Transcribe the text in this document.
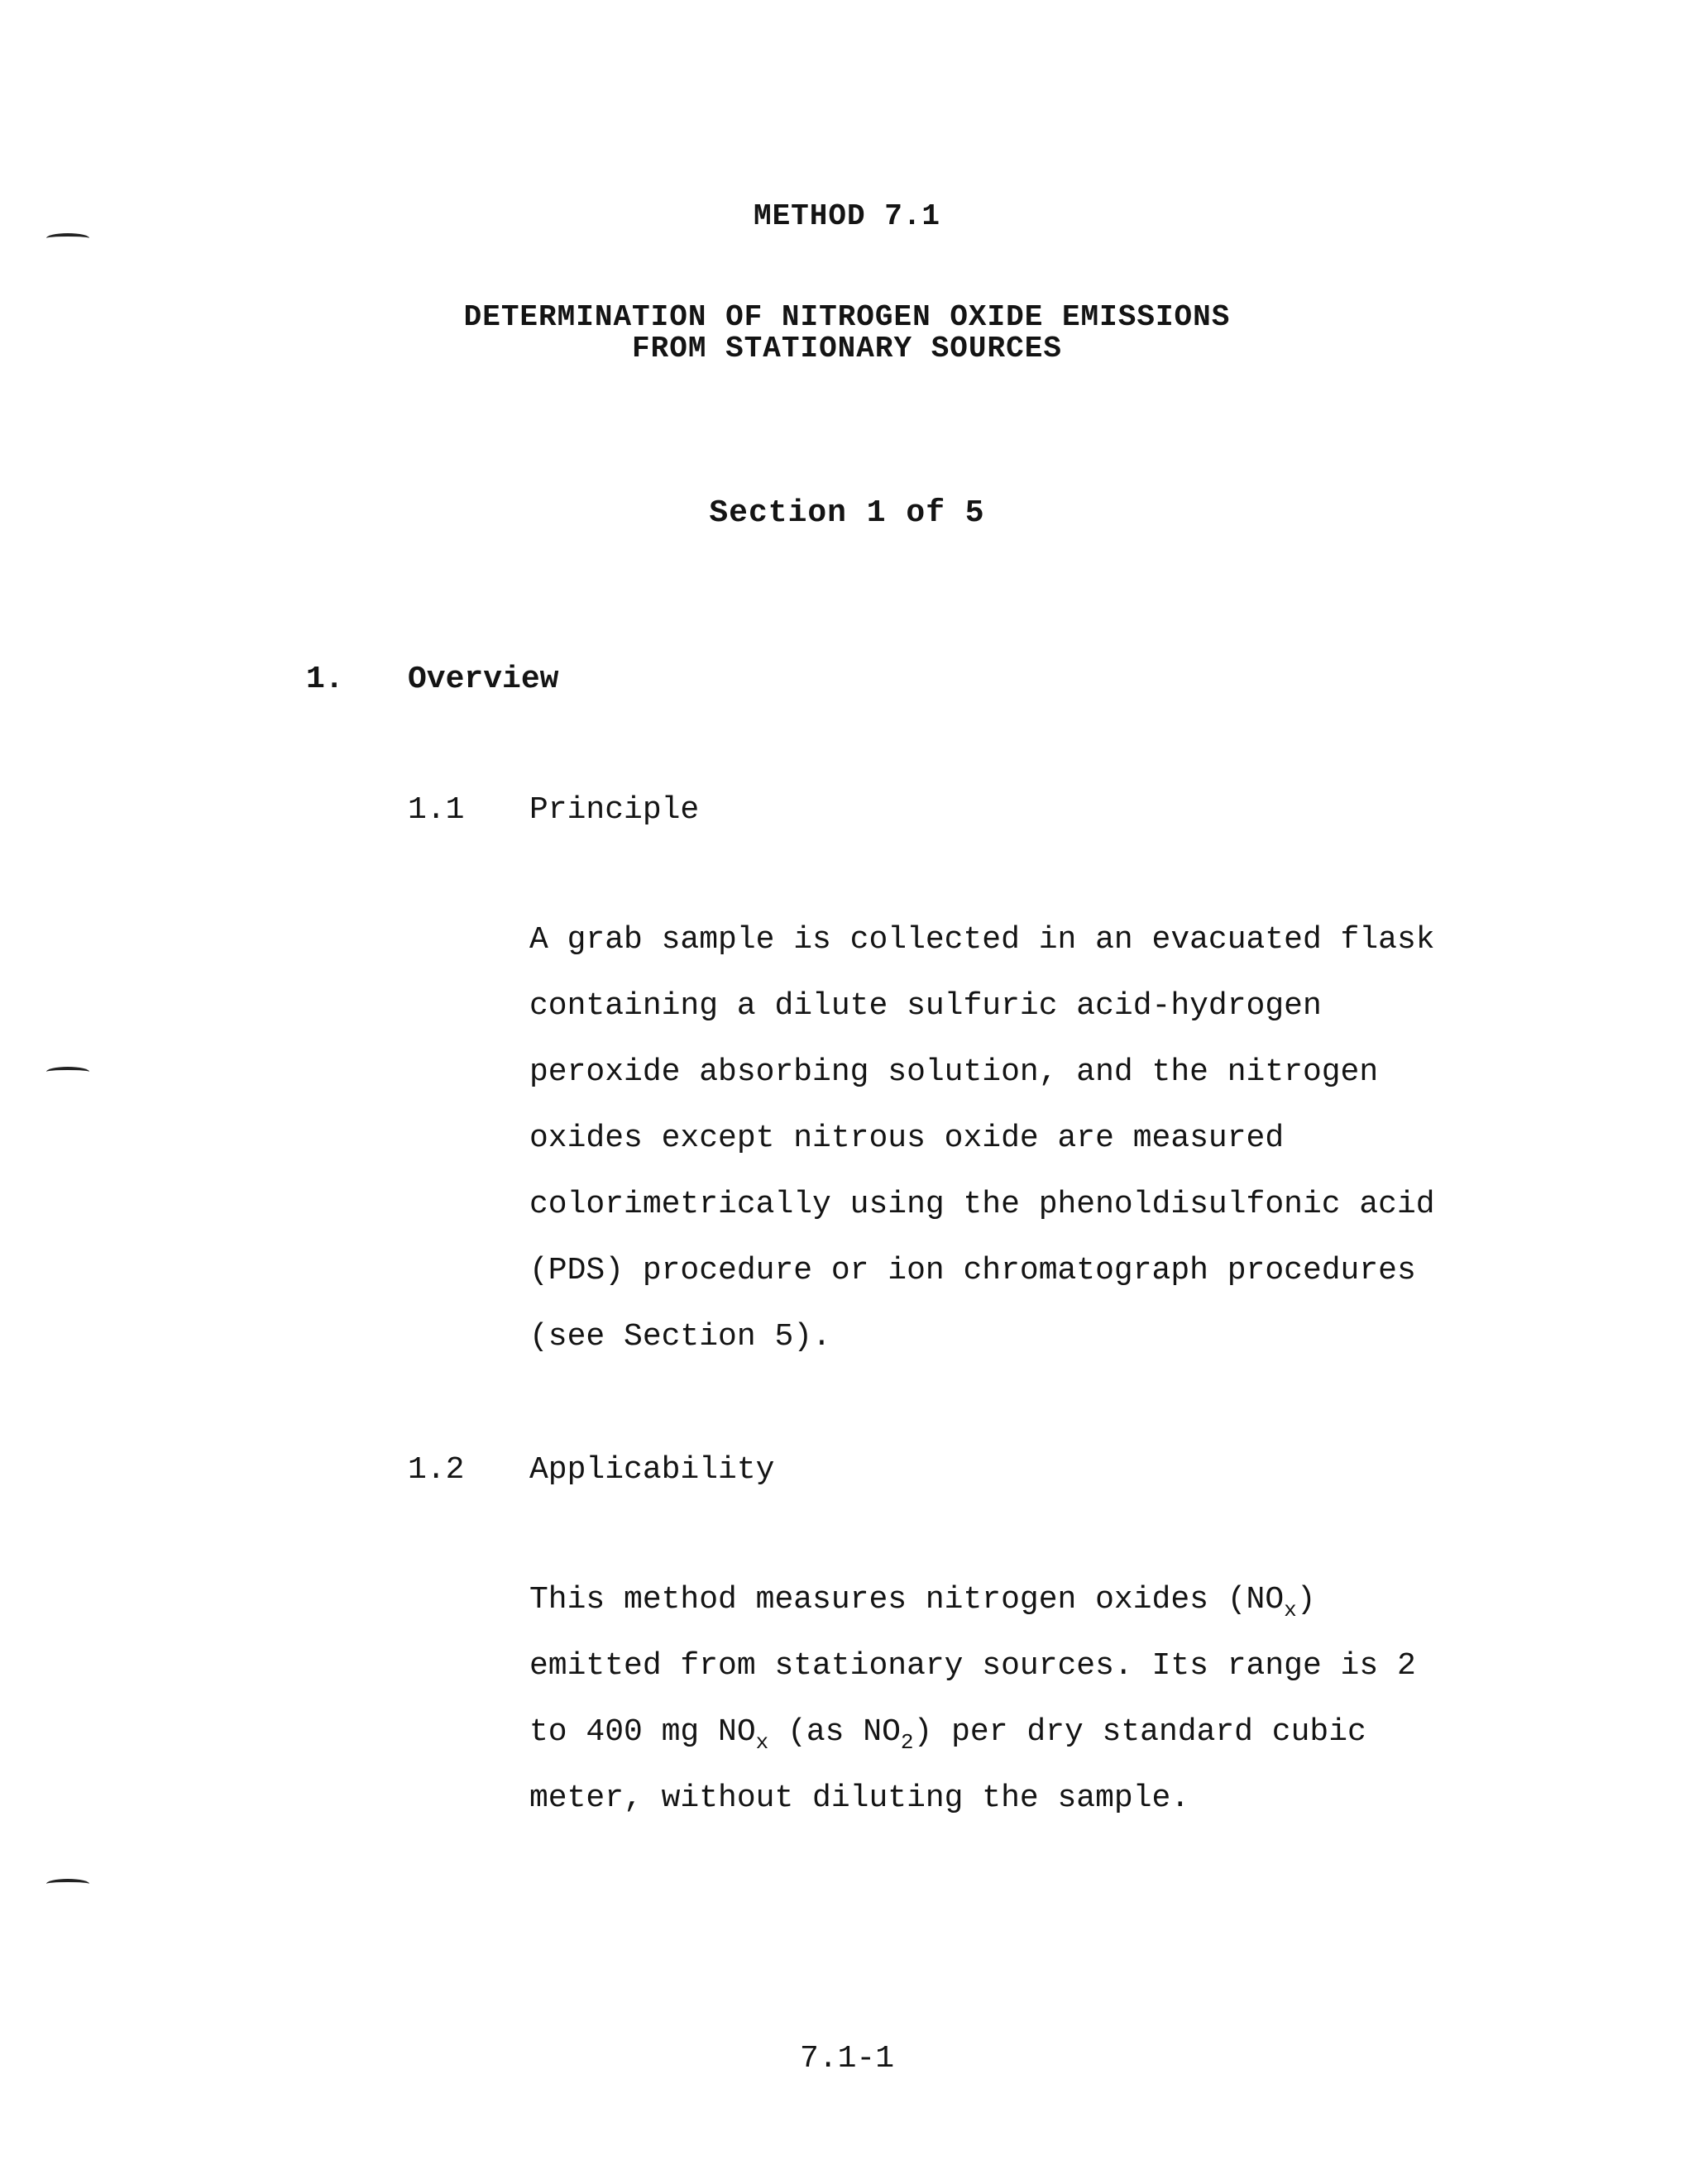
METHOD 7.1
DETERMINATION OF NITROGEN OXIDE EMISSIONS
FROM STATIONARY SOURCES
Section 1 of 5
1. Overview
1.1 Principle

A grab sample is collected in an evacuated flask

containing a dilute sulfuric acid-hydrogen

peroxide absorbing solution, and the nitrogen

oxides except nitrous oxide are measured

colorimetrically using the phenoldisulfonic acid

(PDS) procedure or ion chromatograph procedures

(see Section 5).

1.2 Applicability

This method measures nitrogen oxides $(NO_x)$

emitted from stationary sources. Its range is 2

to 400 mg $NO_x$ (as $NO_2$) per dry standard cubic

meter, without diluting the sample.

7.1-1
